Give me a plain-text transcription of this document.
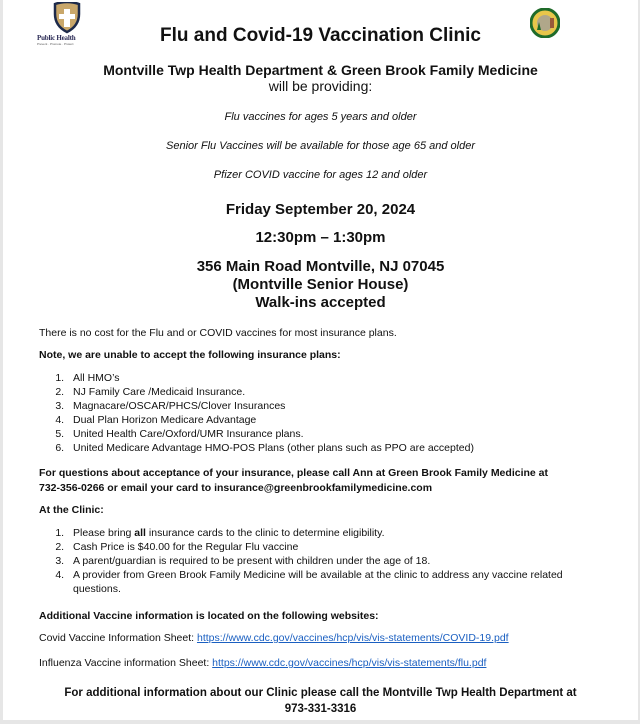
Public Health
Prevent · Promote · Protect	Flu and Covid-19 Vaccination Clinic
Montville Twp Health Department & Green Brook Family Medicine
will be providing:
Flu vaccines for ages 5 years and older
Senior Flu Vaccines will be available for those age 65 and older
Pfizer COVID vaccine for ages 12 and older
Friday September 20, 2024
12:30pm – 1:30pm
356 Main Road Montville, NJ 07045
(Montville Senior House)
Walk-ins accepted
There is no cost for the Flu and or COVID vaccines for most insurance plans.
Note, we are unable to accept the following insurance plans:
1. All HMO’s
2. NJ Family Care /Medicaid Insurance.
3. Magnacare/OSCAR/PHCS/Clover Insurances
4. Dual Plan Horizon Medicare Advantage
5. United Health Care/Oxford/UMR Insurance plans.
6. United Medicare Advantage HMO-POS Plans (other plans such as PPO are accepted)
For questions about acceptance of your insurance, please call Ann at Green Brook Family Medicine at
732-356-0266 or email your card to insurance@greenbrookfamilymedicine.com
At the Clinic:
1. Please bring all insurance cards to the clinic to determine eligibility.
2. Cash Price is $40.00 for the Regular Flu vaccine
3. A parent/guardian is required to be present with children under the age of 18.
4. A provider from Green Brook Family Medicine will be available at the clinic to address any vaccine related questions.
Additional Vaccine information is located on the following websites:
Covid Vaccine Information Sheet: https://www.cdc.gov/vaccines/hcp/vis/vis-statements/COVID-19.pdf
Influenza Vaccine information Sheet: https://www.cdc.gov/vaccines/hcp/vis/vis-statements/flu.pdf
For additional information about our Clinic please call the Montville Twp Health Department at
973-331-3316
